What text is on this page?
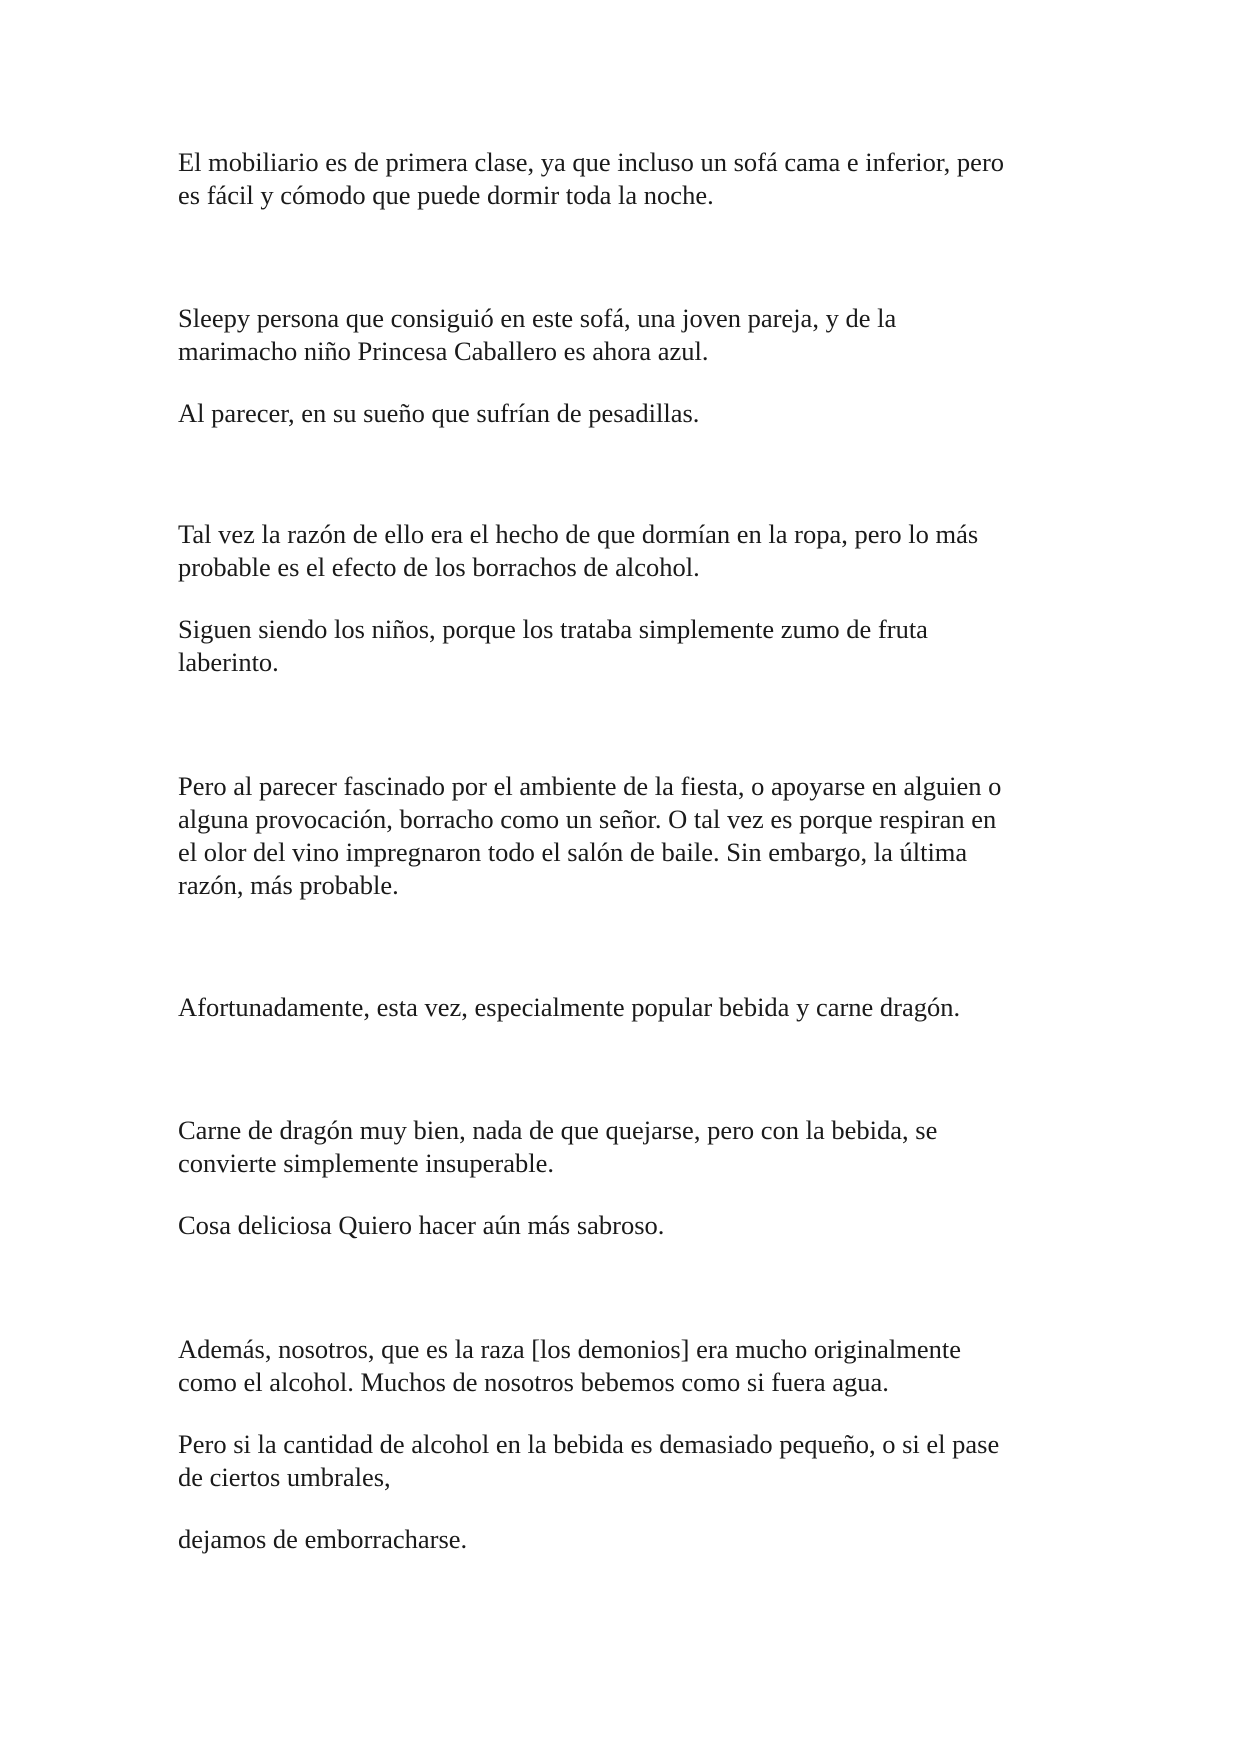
El mobiliario es de primera clase, ya que incluso un sofá cama e inferior, pero
es fácil y cómodo que puede dormir toda la noche.

Sleepy persona que consiguió en este sofá, una joven pareja, y de la
marimacho niño Princesa Caballero es ahora azul.

Al parecer, en su sueño que sufrían de pesadillas.

Tal vez la razón de ello era el hecho de que dormían en la ropa, pero lo más
probable es el efecto de los borrachos de alcohol.

Siguen siendo los niños, porque los trataba simplemente zumo de fruta
laberinto.

Pero al parecer fascinado por el ambiente de la fiesta, o apoyarse en alguien o
alguna provocación, borracho como un señor. O tal vez es porque respiran en
el olor del vino impregnaron todo el salón de baile. Sin embargo, la última
razón, más probable.

Afortunadamente, esta vez, especialmente popular bebida y carne dragón.

Carne de dragón muy bien, nada de que quejarse, pero con la bebida, se
convierte simplemente insuperable.

Cosa deliciosa Quiero hacer aún más sabroso.

Además, nosotros, que es la raza [los demonios] era mucho originalmente
como el alcohol. Muchos de nosotros bebemos como si fuera agua.

Pero si la cantidad de alcohol en la bebida es demasiado pequeño, o si el pase
de ciertos umbrales,

dejamos de emborracharse.
